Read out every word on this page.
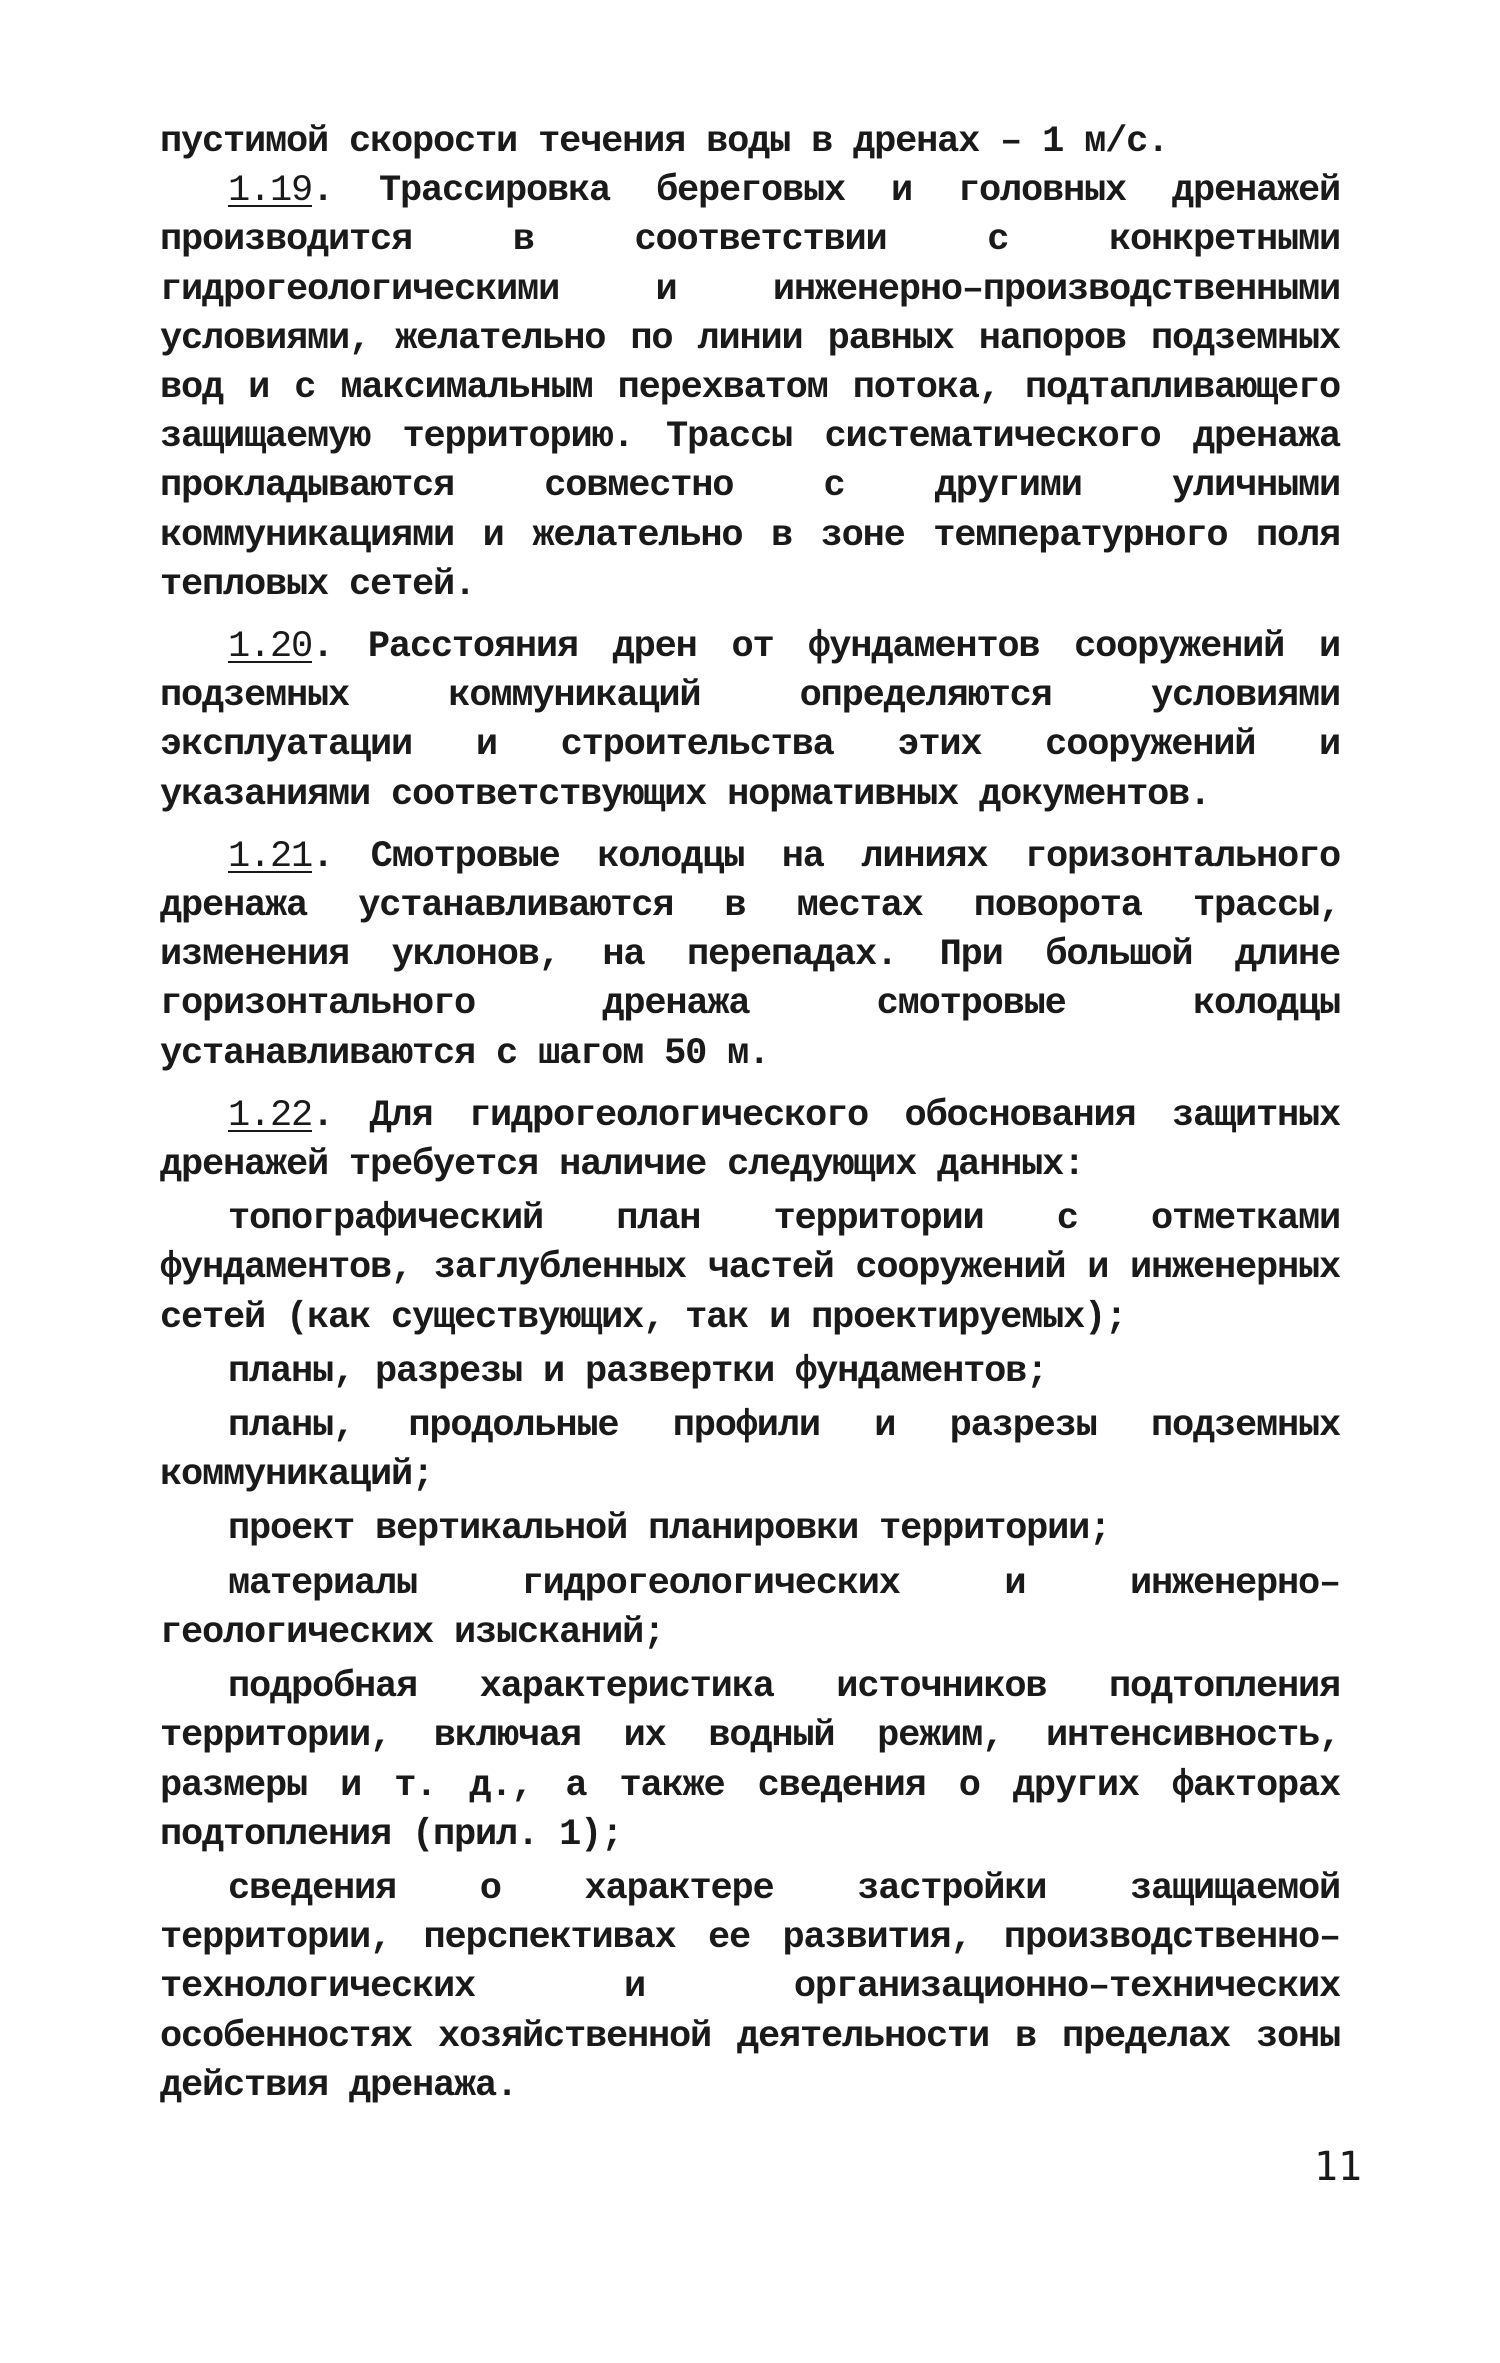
пустимой скорости течения воды в дренах – 1 м/с.

1.19. Трассировка береговых и головных дренажей производится в соответствии с конкретными гидрогеологическими и инженерно–производственными условиями, желательно по линии равных напоров подземных вод и с максимальным перехватом потока, подтапливающего защищаемую территорию. Трассы систематического дренажа прокладываются совместно с другими уличными коммуникациями и желательно в зоне температурного поля тепловых сетей.

1.20. Расстояния дрен от фундаментов сооружений и подземных коммуникаций определяются условиями эксплуатации и строительства этих сооружений и указаниями соответствующих нормативных документов.

1.21. Смотровые колодцы на линиях горизонтального дренажа устанавливаются в местах поворота трассы, изменения уклонов, на перепадах. При большой длине горизонтального дренажа смотровые колодцы устанавливаются с шагом 50 м.

1.22. Для гидрогеологического обоснования защитных дренажей требуется наличие следующих данных:

топографический план территории с отметками фундаментов, заглубленных частей сооружений и инженерных сетей (как существующих, так и проектируемых);

планы, разрезы и развертки фундаментов;

планы, продольные профили и разрезы подземных коммуникаций;

проект вертикальной планировки территории;

материалы гидрогеологических и инженерно–геологических изысканий;

подробная характеристика источников подтопления территории, включая их водный режим, интенсивность, размеры и т. д., а также сведения о других факторах подтопления (прил. 1);

сведения о характере застройки защищаемой территории, перспективах ее развития, производственно–технологических и организационно–технических особенностях хозяйственной деятельности в пределах зоны действия дренажа.

11
